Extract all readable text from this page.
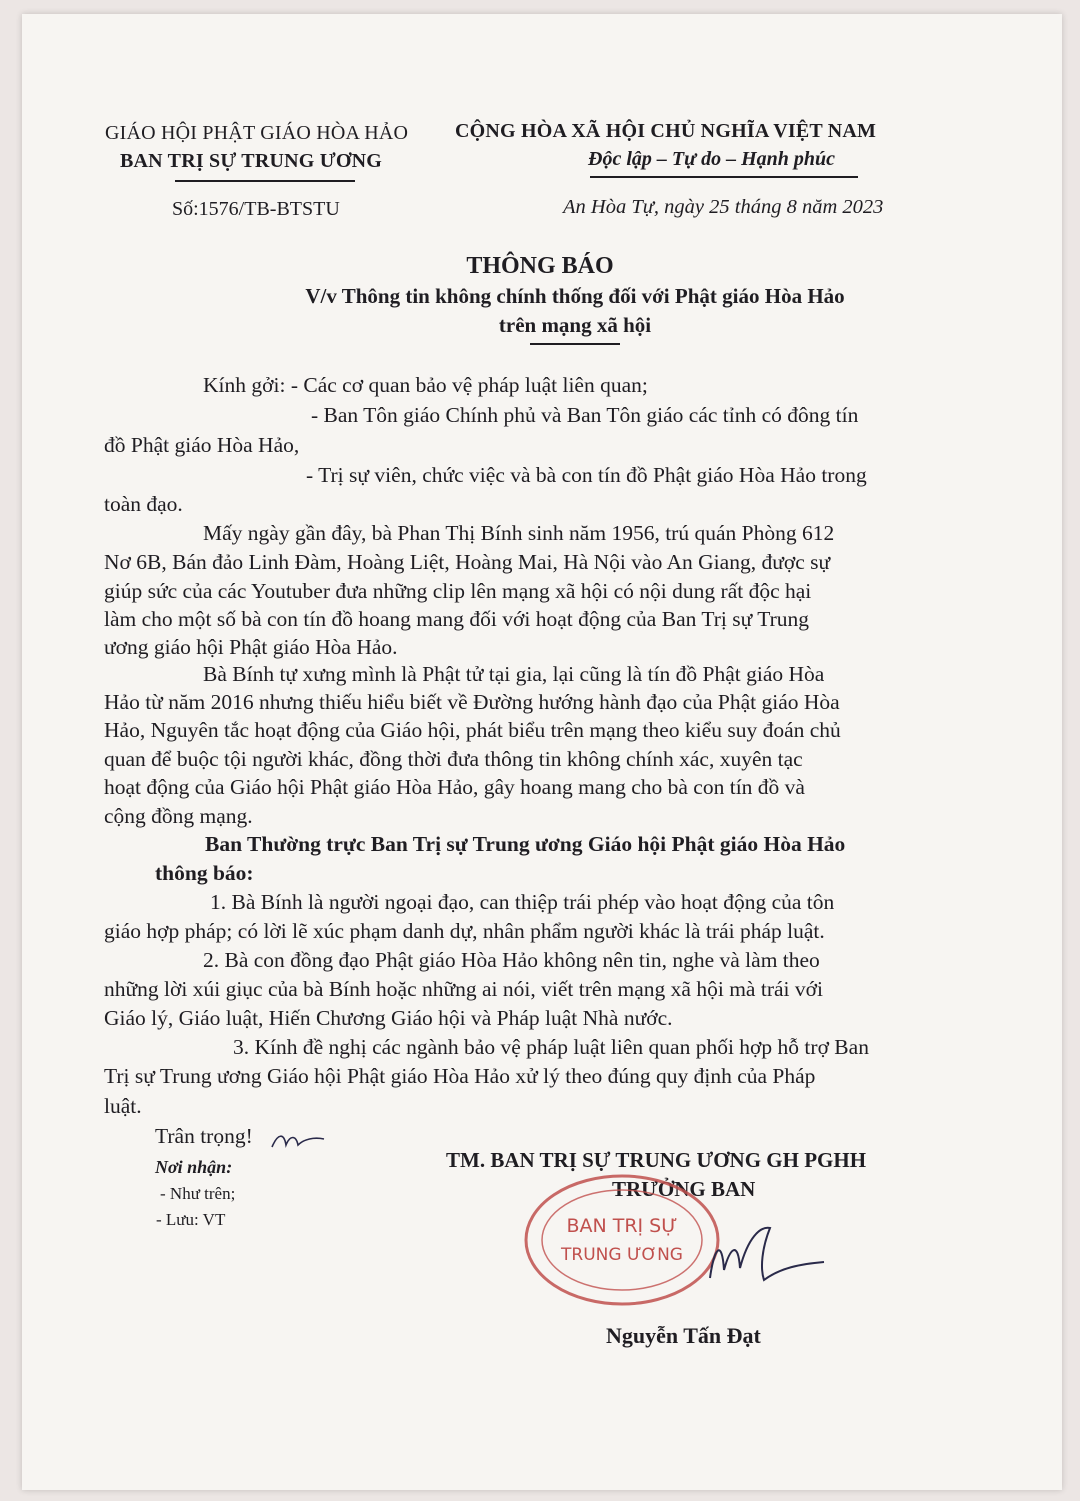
GIÁO HỘI PHẬT GIÁO HÒA HẢO
BAN TRỊ SỰ TRUNG ƯƠNG
Số:1576/TB-BTSTU
CỘNG HÒA XÃ HỘI CHỦ NGHĨA VIỆT NAM
Độc lập – Tự do – Hạnh phúc
An Hòa Tự, ngày 25 tháng 8 năm 2023
THÔNG BÁO
V/v Thông tin không chính thống đối với Phật giáo Hòa Hảo
trên mạng xã hội
Kính gởi: - Các cơ quan bảo vệ pháp luật liên quan;
- Ban Tôn giáo Chính phủ và Ban Tôn giáo các tỉnh có đông tín
đồ Phật giáo Hòa Hảo,
- Trị sự viên, chức việc và bà con tín đồ Phật giáo Hòa Hảo trong
toàn đạo.
Mấy ngày gần đây, bà Phan Thị Bính sinh năm 1956, trú quán Phòng 612
Nơ 6B, Bán đảo Linh Đàm, Hoàng Liệt, Hoàng Mai, Hà Nội vào An Giang, được sự
giúp sức của các Youtuber đưa những clip lên mạng xã hội có nội dung rất độc hại
làm cho một số bà con tín đồ hoang mang đối với hoạt động của Ban Trị sự Trung
ương giáo hội Phật giáo Hòa Hảo.
Bà Bính tự xưng mình là Phật tử tại gia, lại cũng là tín đồ Phật giáo Hòa
Hảo từ năm 2016 nhưng thiếu hiểu biết về Đường hướng hành đạo của Phật giáo Hòa
Hảo, Nguyên tắc hoạt động của Giáo hội, phát biểu trên mạng theo kiểu suy đoán chủ
quan để buộc tội người khác, đồng thời đưa thông tin không chính xác, xuyên tạc
hoạt động của Giáo hội Phật giáo Hòa Hảo, gây hoang mang cho bà con tín đồ và
cộng đồng mạng.
Ban Thường trực Ban Trị sự Trung ương Giáo hội Phật giáo Hòa Hảo
thông báo:
1. Bà Bính là người ngoại đạo, can thiệp trái phép vào hoạt động của tôn
giáo hợp pháp; có lời lẽ xúc phạm danh dự, nhân phẩm người khác là trái pháp luật.
2. Bà con đồng đạo Phật giáo Hòa Hảo không nên tin, nghe và làm theo
những lời xúi giục của bà Bính hoặc những ai nói, viết trên mạng xã hội mà trái với
Giáo lý, Giáo luật, Hiến Chương Giáo hội và Pháp luật Nhà nước.
3. Kính đề nghị các ngành bảo vệ pháp luật liên quan phối hợp hỗ trợ Ban
Trị sự Trung ương Giáo hội Phật giáo Hòa Hảo xử lý theo đúng quy định của Pháp
luật.
Trân trọng!
Nơi nhận:
- Như trên;
- Lưu: VT
TM. BAN TRỊ SỰ TRUNG ƯƠNG GH PGHH
TRƯỞNG BAN
BAN TRỊ SỰ
TRUNG ƯƠNG
Nguyễn Tấn Đạt
